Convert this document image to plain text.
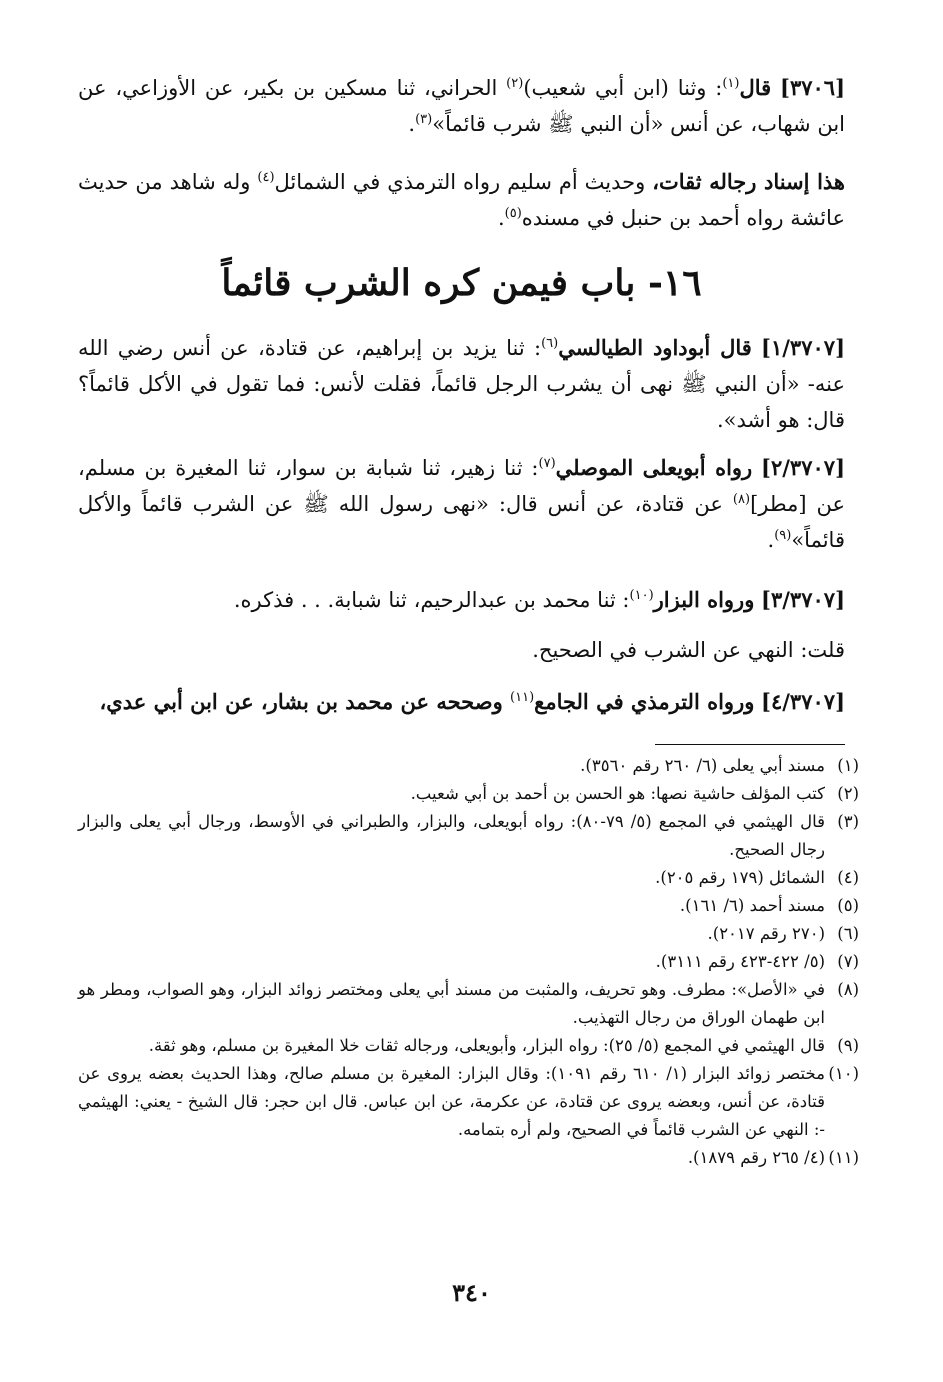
[٣٧٠٦] قال$^{(١)}$: وثنا (ابن أبي شعيب)$^{(٢)}$ الحراني، ثنا مسكين بن بكير، عن الأوزاعي، عن ابن شهاب، عن أنس «أن النبي ﷺ شرب قائماً»$^{(٣)}$.
هذا إسناد رجاله ثقات، وحديث أم سليم رواه الترمذي في الشمائل$^{(٤)}$ وله شاهد من حديث عائشة رواه أحمد بن حنبل في مسنده$^{(٥)}$.
١٦- باب فيمن كره الشرب قائماً
[١/٣٧٠٧] قال أبوداود الطيالسي$^{(٦)}$: ثنا يزيد بن إبراهيم، عن قتادة، عن أنس رضي الله عنه- «أن النبي ﷺ نهى أن يشرب الرجل قائماً، فقلت لأنس: فما تقول في الأكل قائماً؟ قال: هو أشد».
[٢/٣٧٠٧] رواه أبويعلى الموصلي$^{(٧)}$: ثنا زهير، ثنا شبابة بن سوار، ثنا المغيرة بن مسلم، عن [مطر]$^{(٨)}$ عن قتادة، عن أنس قال: «نهى رسول الله ﷺ عن الشرب قائماً والأكل قائماً»$^{(٩)}$.
[٣/٣٧٠٧] ورواه البزار$^{(١٠)}$: ثنا محمد بن عبدالرحيم، ثنا شبابة. . . فذكره.
قلت: النهي عن الشرب في الصحيح.
[٤/٣٧٠٧] ورواه الترمذي في الجامع$^{(١١)}$ وصححه عن محمد بن بشار، عن ابن أبي عدي،

(١)مسند أبي يعلى (٦/ ٢٦٠ رقم ٣٥٦٠).

(٢)كتب المؤلف حاشية نصها: هو الحسن بن أحمد بن أبي شعيب.

(٣)قال الهيثمي في المجمع (٥/ ٧٩-٨٠): رواه أبويعلى، والبزار، والطبراني في الأوسط، ورجال أبي يعلى والبزار رجال الصحيح.

(٤)الشمائل (١٧٩ رقم ٢٠٥).

(٥)مسند أحمد (٦/ ١٦١).

(٦)(٢٧٠ رقم ٢٠١٧).

(٧)(٥/ ٤٢٢-٤٢٣ رقم ٣١١١).

(٨)في «الأصل»: مطرف. وهو تحريف، والمثبت من مسند أبي يعلى ومختصر زوائد البزار، وهو الصواب، ومطر هو ابن طهمان الوراق من رجال التهذيب.

(٩)قال الهيثمي في المجمع (٥/ ٢٥): رواه البزار، وأبويعلى، ورجاله ثقات خلا المغيرة بن مسلم، وهو ثقة.

(١٠)مختصر زوائد البزار (١/ ٦١٠ رقم ١٠٩١): وقال البزار: المغيرة بن مسلم صالح، وهذا الحديث بعضه يروى عن قتادة، عن أنس، وبعضه يروى عن قتادة، عن عكرمة، عن ابن عباس. قال ابن حجر: قال الشيخ - يعني: الهيثمي -: النهي عن الشرب قائماً في الصحيح، ولم أره بتمامه.

(١١)(٤/ ٢٦٥ رقم ١٨٧٩).

٣٤٠
